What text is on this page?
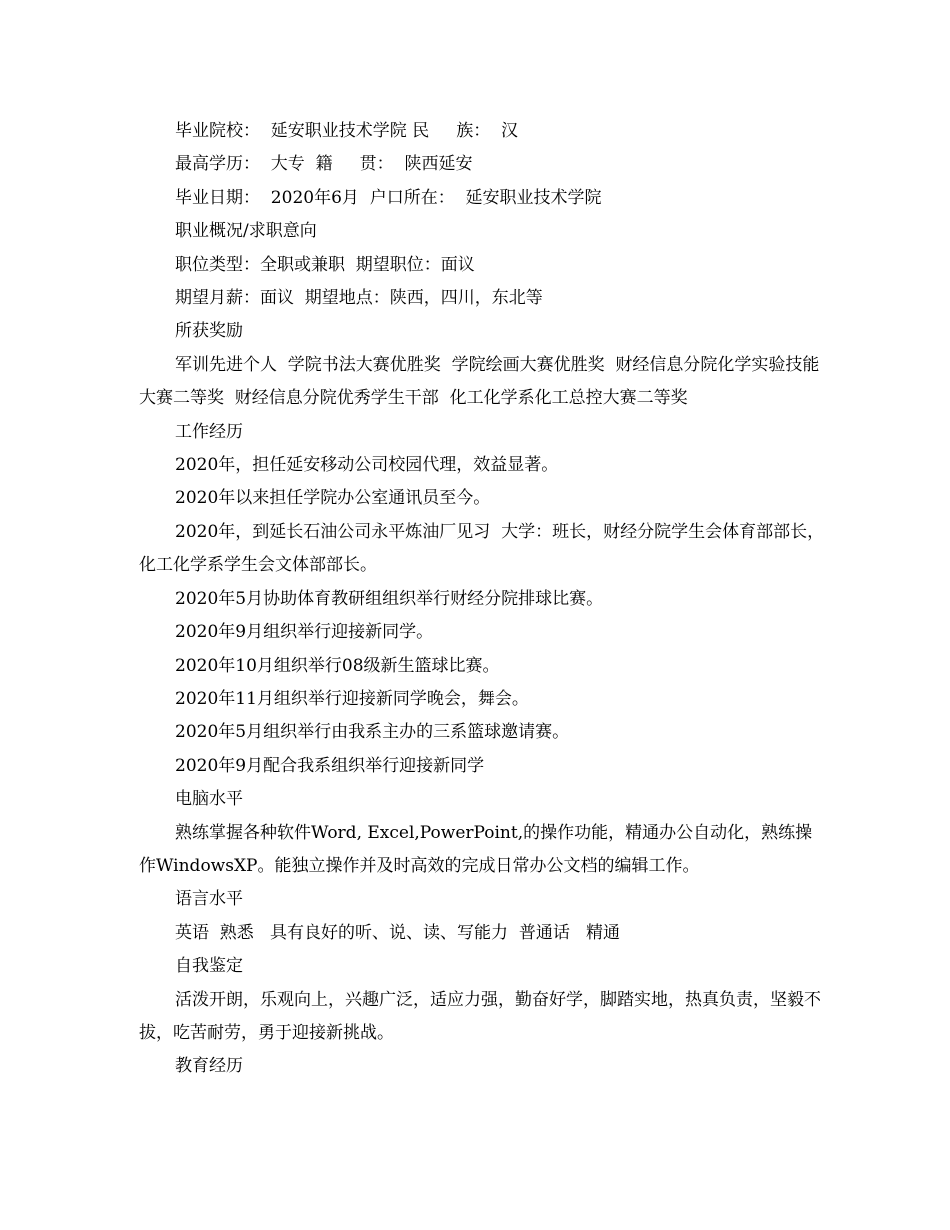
毕业院校：  延安职业技术学院 民     族：  汉

最高学历：  大专  籍     贯：  陕西延安

毕业日期：  2020年6月  户口所在：  延安职业技术学院

职业概况/求职意向

职位类型：全职或兼职  期望职位：面议

期望月薪：面议  期望地点：陕西，四川，东北等

所获奖励

军训先进个人  学院书法大赛优胜奖  学院绘画大赛优胜奖  财经信息分院化学实验技能大赛二等奖  财经信息分院优秀学生干部  化工化学系化工总控大赛二等奖

工作经历

2020年，担任延安移动公司校园代理，效益显著。

2020年以来担任学院办公室通讯员至今。

2020年，到延长石油公司永平炼油厂见习  大学：班长，财经分院学生会体育部部长，化工化学系学生会文体部部长。

2020年5月协助体育教研组组织举行财经分院排球比赛。

2020年9月组织举行迎接新同学。

2020年10月组织举行08级新生篮球比赛。

2020年11月组织举行迎接新同学晚会，舞会。

2020年5月组织举行由我系主办的三系篮球邀请赛。

2020年9月配合我系组织举行迎接新同学

电脑水平

熟练掌握各种软件Word, Excel,PowerPoint,的操作功能，精通办公自动化，熟练操作WindowsXP。能独立操作并及时高效的完成日常办公文档的编辑工作。

语言水平

英语  熟悉   具有良好的听、说、读、写能力  普通话   精通

自我鉴定

活泼开朗，乐观向上，兴趣广泛，适应力强，勤奋好学，脚踏实地，热真负责，坚毅不拔，吃苦耐劳，勇于迎接新挑战。

教育经历
